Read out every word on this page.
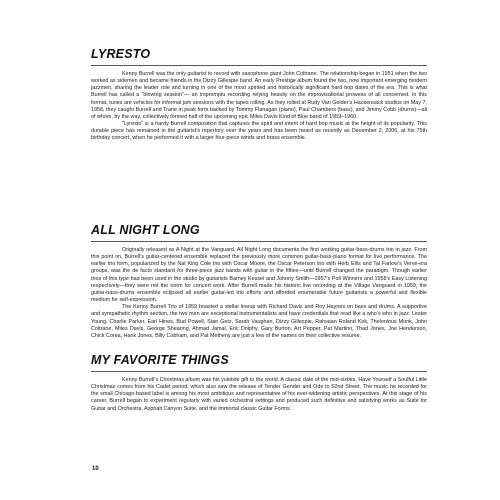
LYRESTO

Kenny Burrell was the only guitarist to record with saxophone giant John Coltrane. The relationship began in 1951 when the two worked as sidemen and became friends in the Dizzy Gillespie band. An early Prestige album found the two, now important emerging modern jazzmen, sharing the leader role and turning in one of the most spirited and historically significant hard bop dates of the era. This is what Burrell has called a “blowing session”— an impromptu recording relying heavily on the improvisational prowess of all concerned. In this format, tunes are vehicles for informal jam sessions with the tapes rolling. As they rolled at Rudy Van Gelder’s Hackensack studios on May 7, 1958, they caught Burrell and Trane in peak form backed by Tommy Flanagan (piano), Paul Chambers (bass), and Jimmy Cobb (drums)—all of whom, by the way, collectively formed half of the upcoming epic Miles Davis Kind of Blue band of 1959–1960.

“Lyresto” is a hardy Burrell composition that captures the spirit and intent of hard bop music at the height of its popularity. This durable piece has remained in the guitarist’s repertory over the years and has been heard as recently as December 2, 2006, at his 75th birthday concert, when he performed it with a larger four-piece winds and brass ensemble.

ALL NIGHT LONG

Originally released as A Night at the Vanguard, All Night Long documents the first working guitar-bass-drums trio in jazz. From this point on, Burrell’s guitar-centered ensemble replaced the previously more common guitar-bass-piano format for live performance. The earlier trio form, popularized by the Nat King Cole trio with Oscar Moore, the Oscar Peterson trio with Herb Ellis and Tal Farlow’s Verve-era groups, was the de facto standard for three-piece jazz bands with guitar in the fifties—until Burrell changed the paradigm. Though earlier trios of this type had been used in the studio by guitarists Barney Kessel and Johnny Smith—1957’s Poll Winners and 1958’s Easy Listening respectively—they were not the norm for concert work. After Burrell made his historic live recording at the Village Vanguard in 1959, the guitar-bass-drums ensemble eclipsed all earlier guitar-led trio efforts and afforded enumerable future guitarists a powerful and flexible medium for self-expression.

The Kenny Burrell Trio of 1959 boasted a stellar lineup with Richard Davis and Roy Haynes on bass and drums. A supportive and sympathetic rhythm section, the two men are exceptional instrumentalists and have credentials that read like a who’s who in jazz. Lester Young, Charlie Parker, Earl Hines, Bud Powell, Stan Getz, Sarah Vaughan, Dizzy Gillespie, Rahsaan Roland Kirk, Thelonious Monk, John Coltrane, Miles Davis, George Shearing, Ahmad Jamal, Eric Dolphy, Gary Burton, Art Pepper, Pat Martino, Thad Jones, Joe Henderson, Chick Corea, Hank Jones, Billy Cobham, and Pat Metheny are just a few of the names on their collective resume.

MY FAVORITE THINGS

Kenny Burrell’s Christmas album was his yuletide gift to the world. A classic date of the mid-sixties, Have Yourself a Soulful Little Christmas comes from his Cadet period, which also saw the release of Tender Gender and Ode to 52nd Street. The music he recorded for the small Chicago-based label is among his most ambitious and representative of his ever-widening artistic perspectives. At this stage of his career, Burrell began to experiment regularly with varied orchestral settings and produced such definitive and satisfying works as Suite for Guitar and Orchestra, Asphalt Canyon Suite, and the immortal classic Guitar Forms.

10
